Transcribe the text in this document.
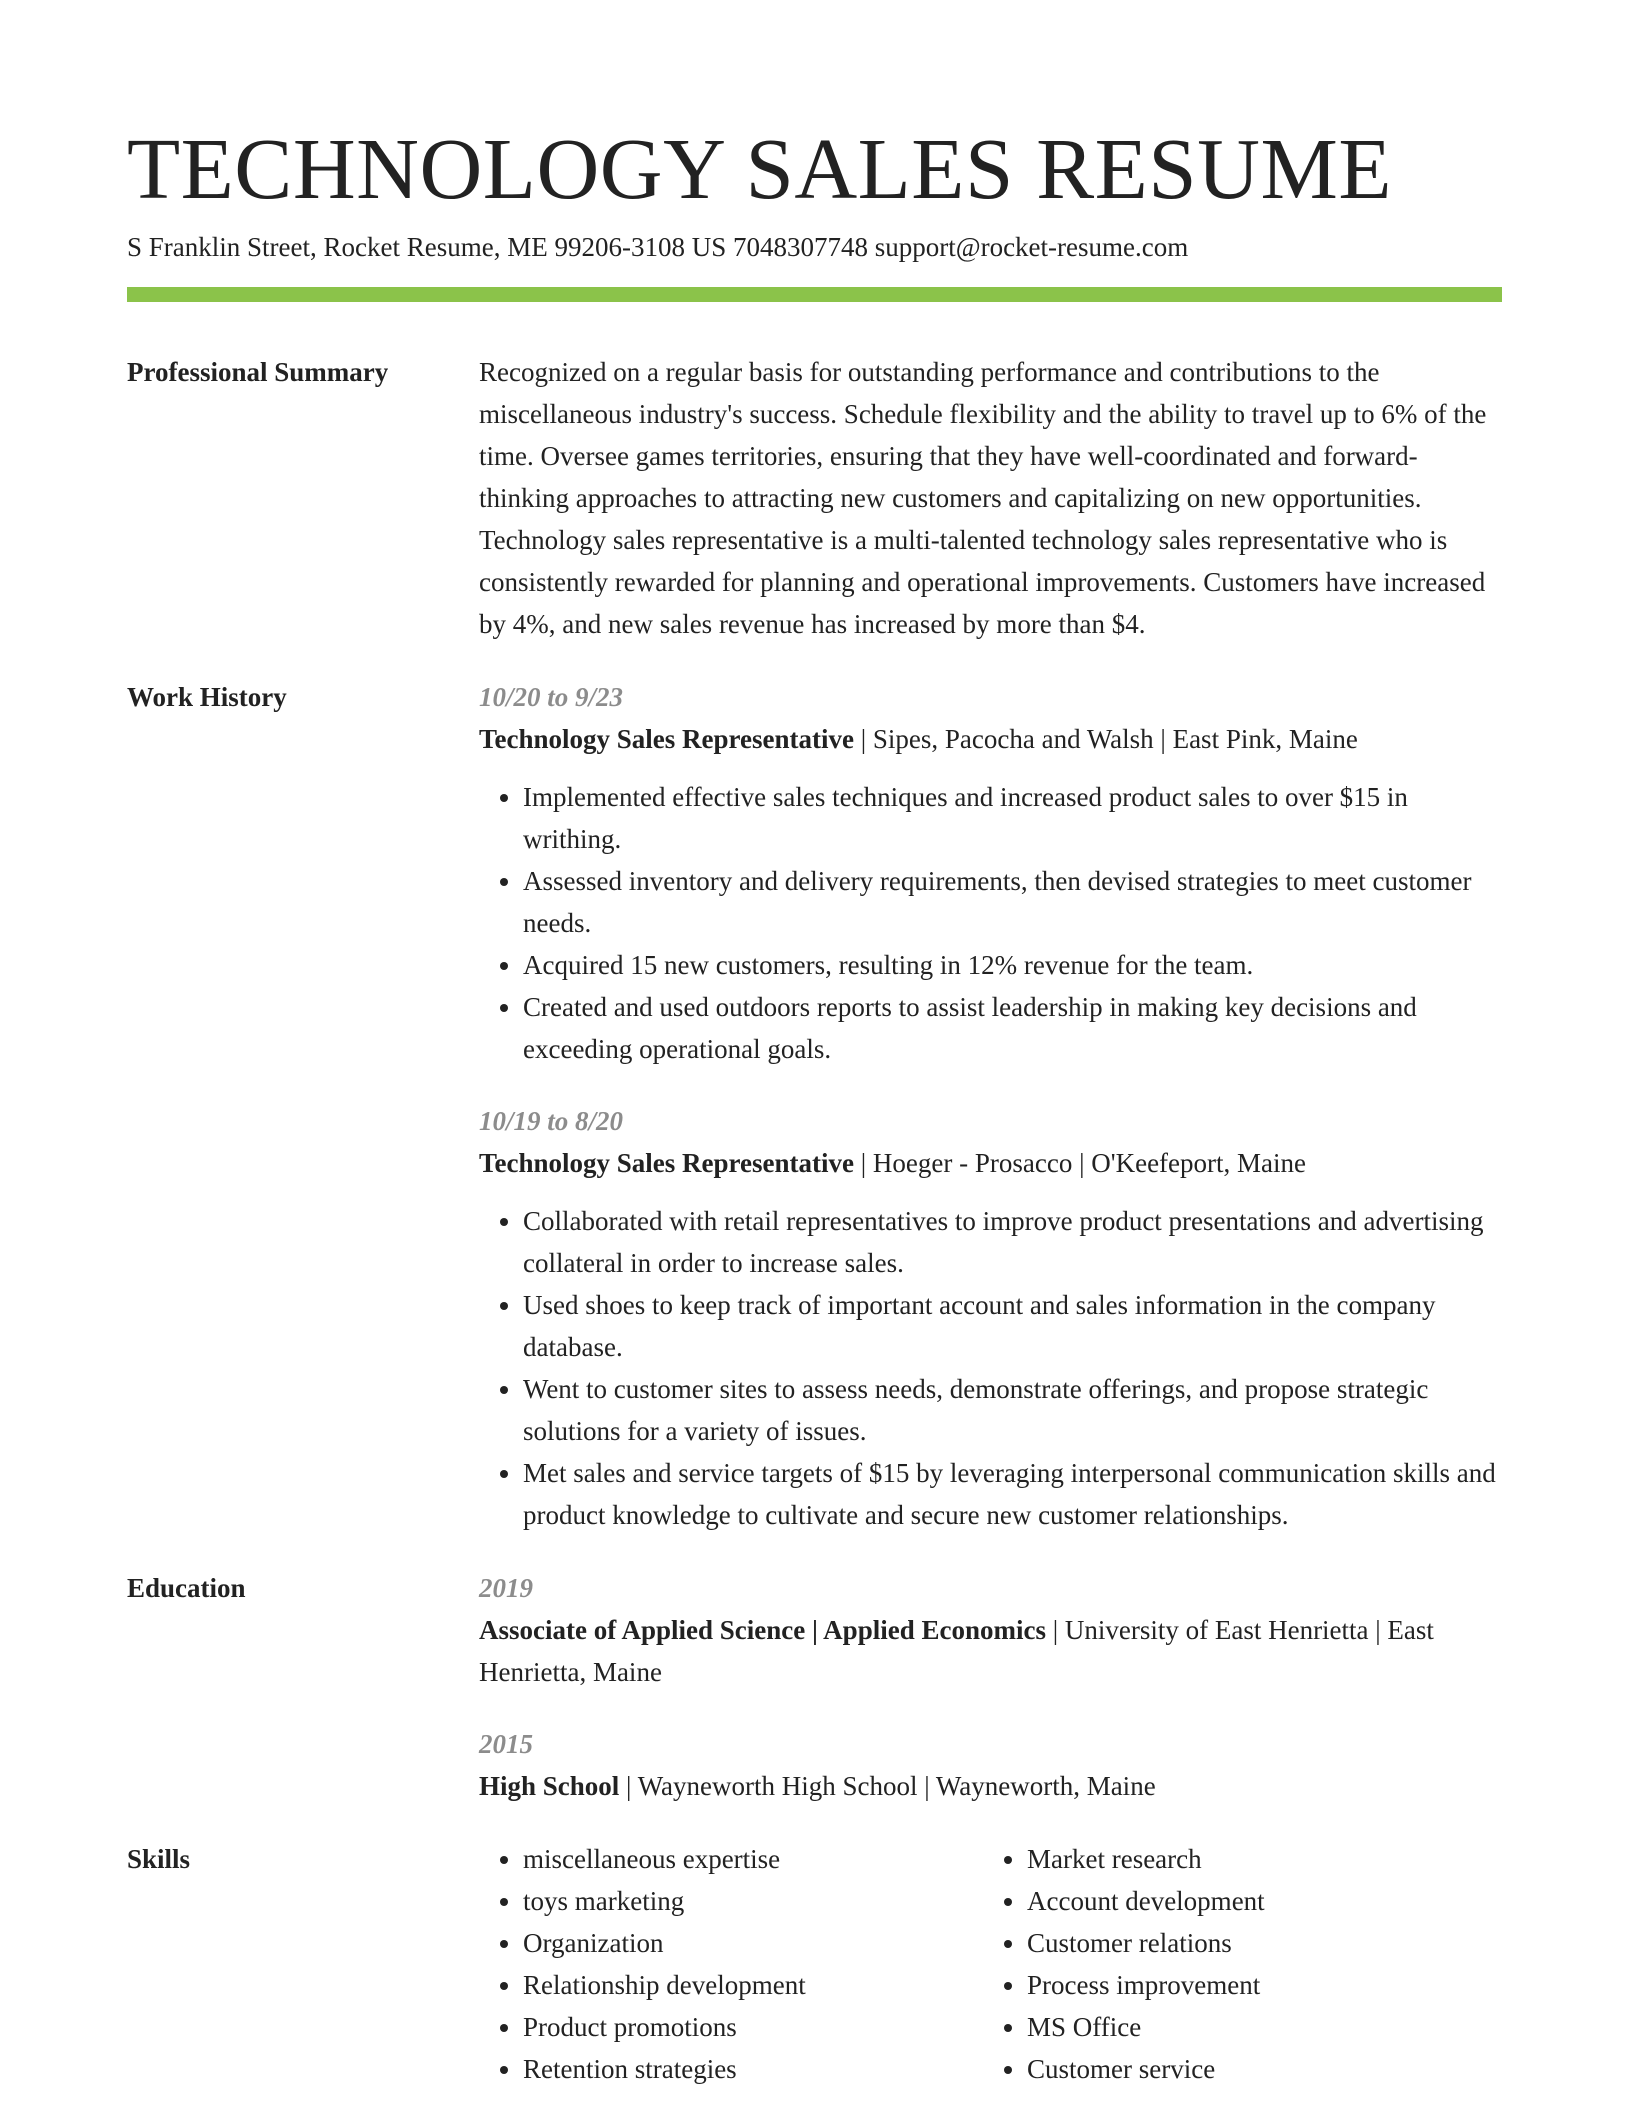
TECHNOLOGY SALES RESUME
S Franklin Street, Rocket Resume, ME 99206-3108 US 7048307748 support@rocket-resume.com
Professional Summary	Recognized on a regular basis for outstanding performance and contributions to the miscellaneous industry's success. Schedule flexibility and the ability to travel up to 6% of the time. Oversee games territories, ensuring that they have well-coordinated and forward-thinking approaches to attracting new customers and capitalizing on new opportunities. Technology sales representative is a multi-talented technology sales representative who is consistently rewarded for planning and operational improvements. Customers have increased by 4%, and new sales revenue has increased by more than $4.
Work History	10/20 to 9/23
Technology Sales Representative | Sipes, Pacocha and Walsh | East Pink, Maine
• Implemented effective sales techniques and increased product sales to over $15 in writhing.
• Assessed inventory and delivery requirements, then devised strategies to meet customer needs.
• Acquired 15 new customers, resulting in 12% revenue for the team.
• Created and used outdoors reports to assist leadership in making key decisions and exceeding operational goals.
10/19 to 8/20
Technology Sales Representative | Hoeger - Prosacco | O'Keefeport, Maine
• Collaborated with retail representatives to improve product presentations and advertising collateral in order to increase sales.
• Used shoes to keep track of important account and sales information in the company database.
• Went to customer sites to assess needs, demonstrate offerings, and propose strategic solutions for a variety of issues.
• Met sales and service targets of $15 by leveraging interpersonal communication skills and product knowledge to cultivate and secure new customer relationships.
Education	2019
Associate of Applied Science | Applied Economics | University of East Henrietta | East Henrietta, Maine
2015
High School | Wayneworth High School | Wayneworth, Maine
Skills
•	miscellaneous expertise
• toys marketing
• Organization
• Relationship development
• Product promotions
• Retention strategies
• Market research
• Account development
• Customer relations
• Process improvement
• MS Office
• Customer service
